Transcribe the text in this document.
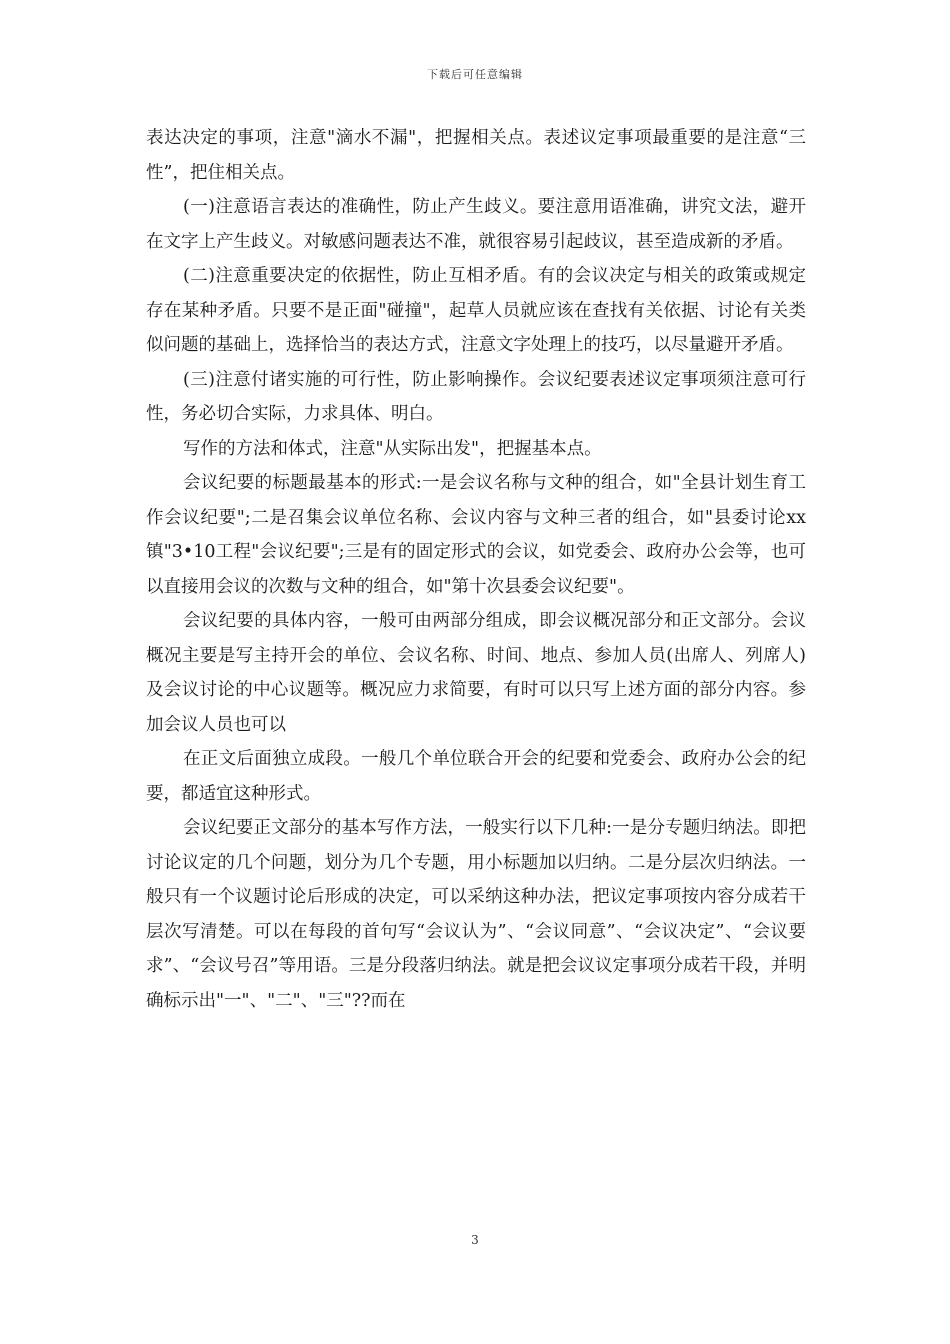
下载后可任意编辑

表达决定的事项，注意"滴水不漏"，把握相关点。表述议定事项最重要的是注意“三性”，把住相关点。

(一)注意语言表达的准确性，防止产生歧义。要注意用语准确，讲究文法，避开在文字上产生歧义。对敏感问题表达不准，就很容易引起歧议，甚至造成新的矛盾。

(二)注意重要决定的依据性，防止互相矛盾。有的会议决定与相关的政策或规定存在某种矛盾。只要不是正面"碰撞"，起草人员就应该在查找有关依据、讨论有关类似问题的基础上，选择恰当的表达方式，注意文字处理上的技巧，以尽量避开矛盾。

(三)注意付诸实施的可行性，防止影响操作。会议纪要表述议定事项须注意可行性，务必切合实际，力求具体、明白。

写作的方法和体式，注意"从实际出发"，把握基本点。

会议纪要的标题最基本的形式:一是会议名称与文种的组合，如"全县计划生育工作会议纪要";二是召集会议单位名称、会议内容与文种三者的组合，如"县委讨论xx镇"3•10工程"会议纪要";三是有的固定形式的会议，如党委会、政府办公会等，也可以直接用会议的次数与文种的组合，如"第十次县委会议纪要"。

会议纪要的具体内容，一般可由两部分组成，即会议概况部分和正文部分。会议概况主要是写主持开会的单位、会议名称、时间、地点、参加人员(出席人、列席人)及会议讨论的中心议题等。概况应力求简要，有时可以只写上述方面的部分内容。参加会议人员也可以

在正文后面独立成段。一般几个单位联合开会的纪要和党委会、政府办公会的纪要，都适宜这种形式。

会议纪要正文部分的基本写作方法，一般实行以下几种:一是分专题归纳法。即把讨论议定的几个问题，划分为几个专题，用小标题加以归纳。二是分层次归纳法。一般只有一个议题讨论后形成的决定，可以采纳这种办法，把议定事项按内容分成若干层次写清楚。可以在每段的首句写“会议认为”、“会议同意”、“会议决定”、“会议要求”、“会议号召”等用语。三是分段落归纳法。就是把会议议定事项分成若干段，并明确标示出"一"、"二"、"三"??而在

3
